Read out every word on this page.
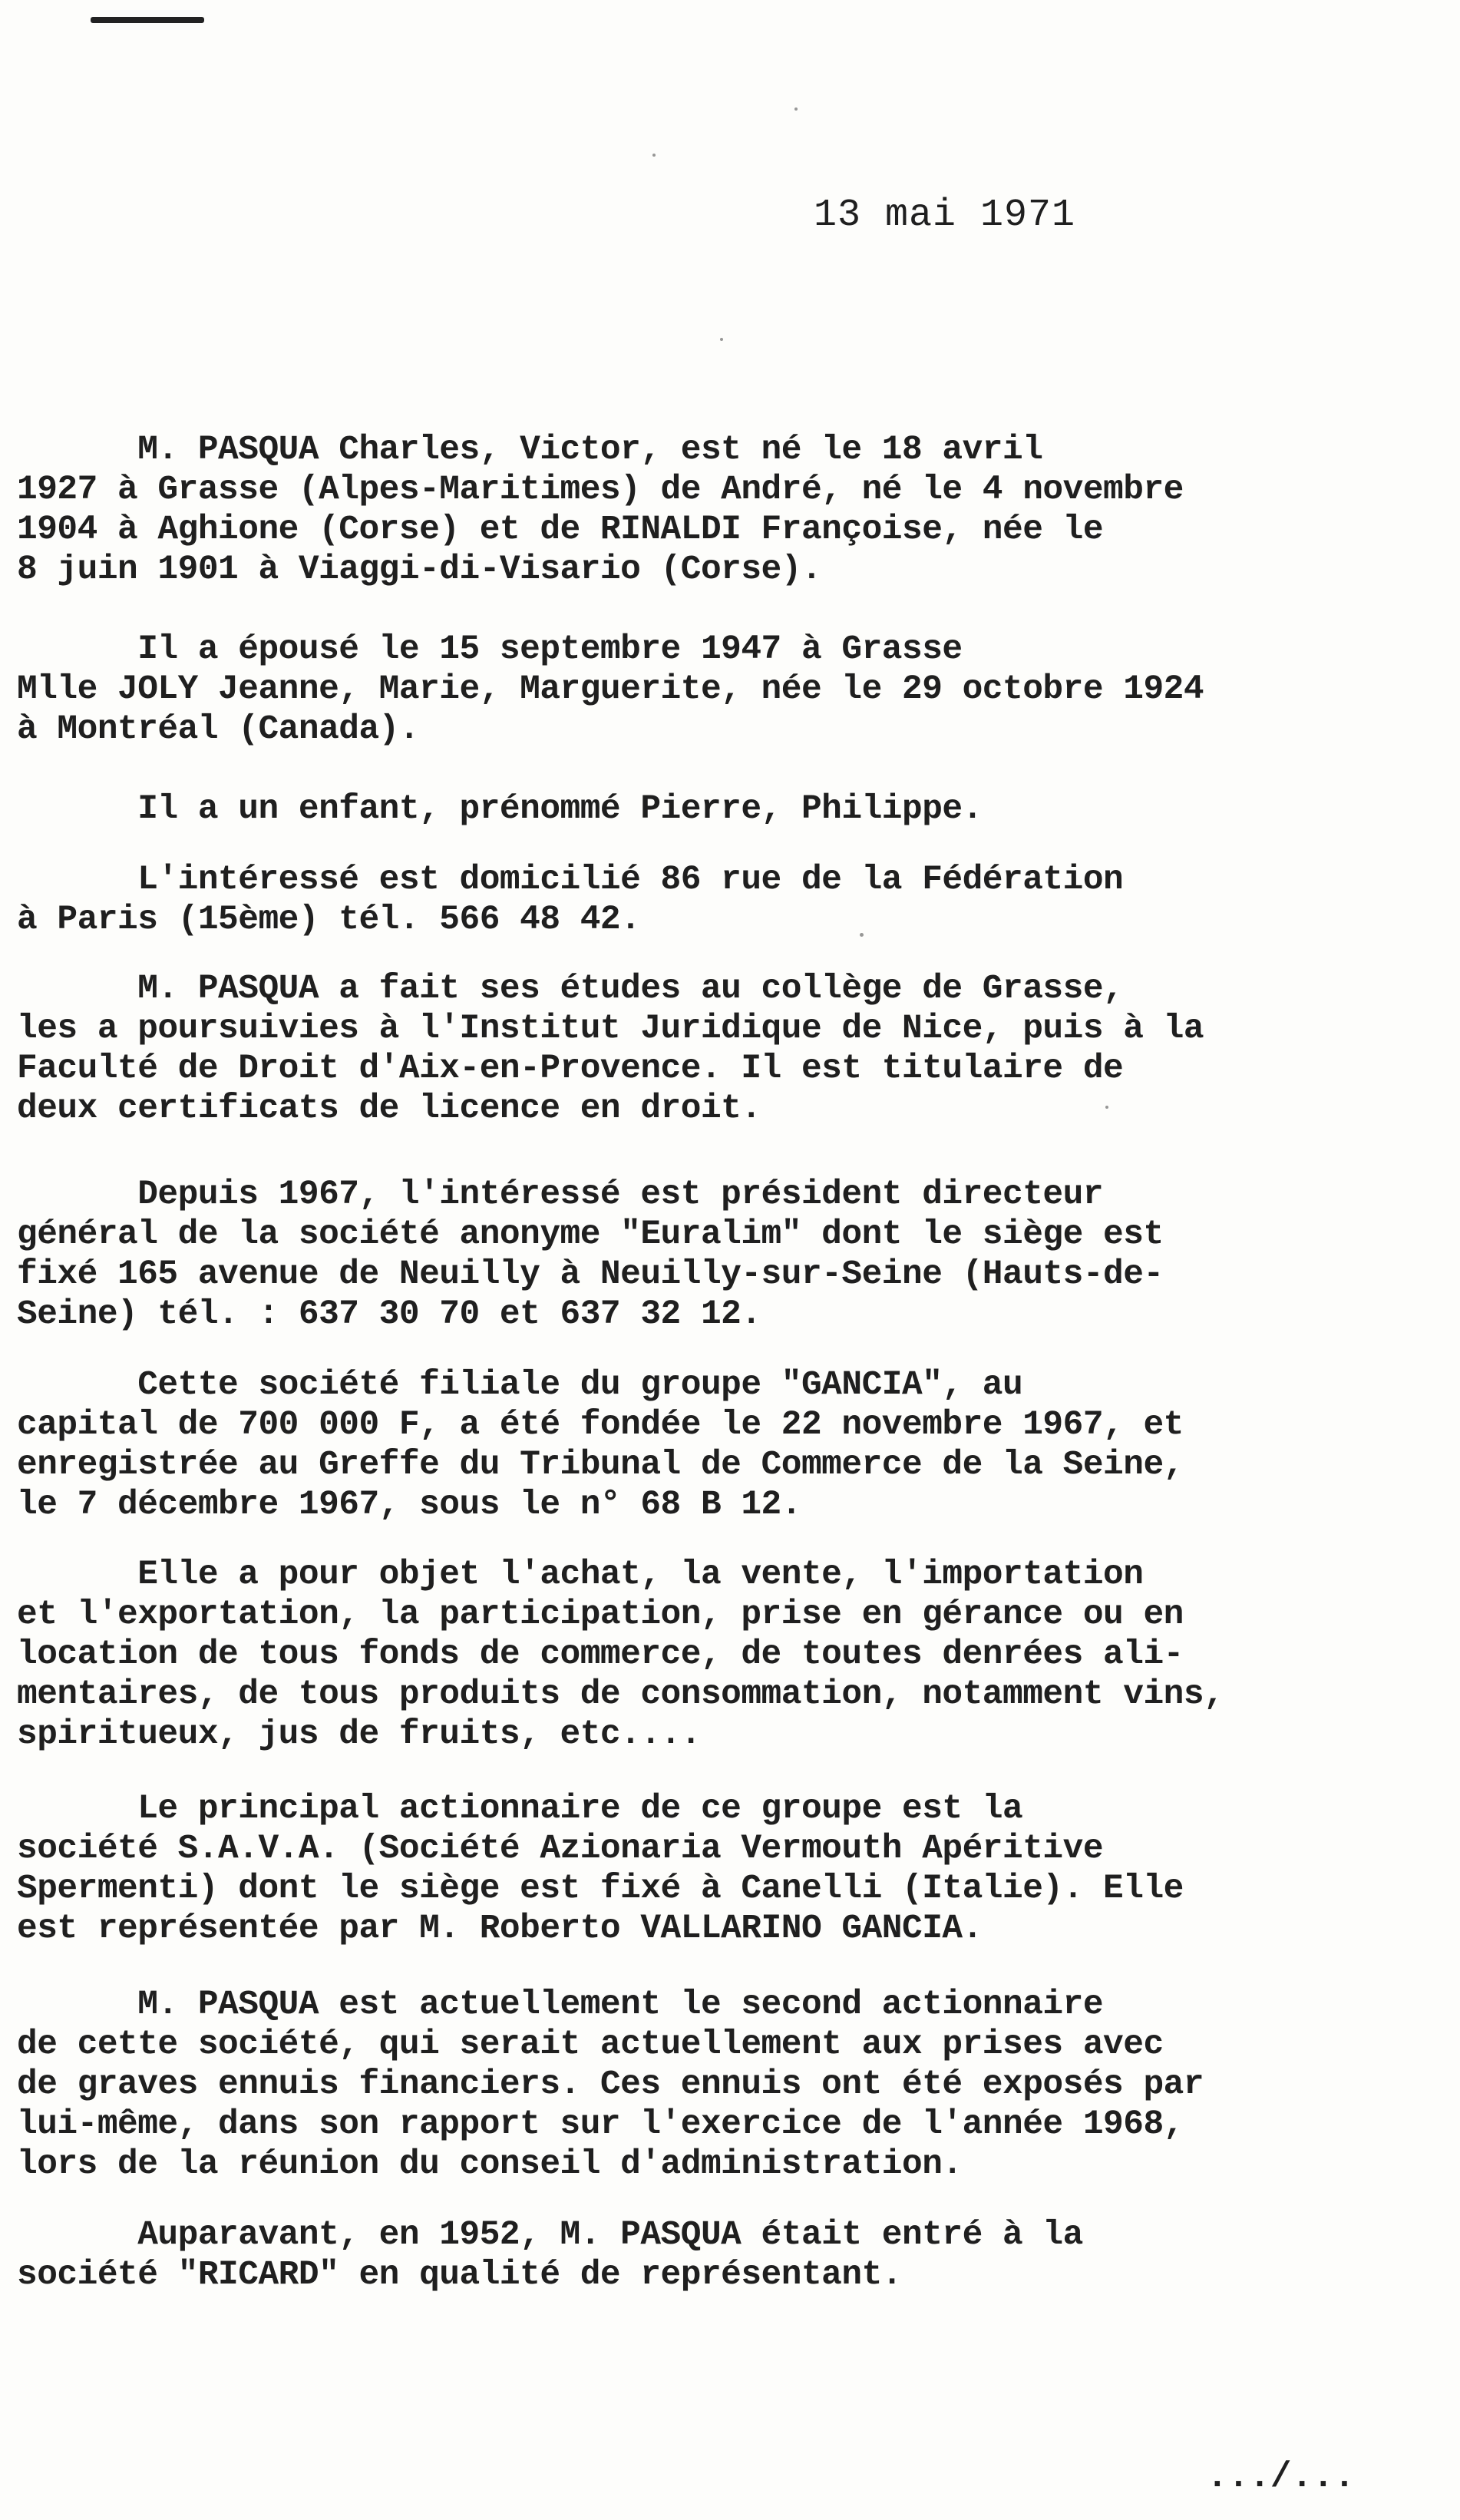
13 mai 1971
M. PASQUA Charles, Victor, est né le 18 avril
1927 à Grasse (Alpes-Maritimes) de André, né le 4 novembre
1904 à Aghione (Corse) et de RINALDI Françoise, née le
8 juin 1901 à Viaggi-di-Visario (Corse).
Il a épousé le 15 septembre 1947 à Grasse
Mlle JOLY Jeanne, Marie, Marguerite, née le 29 octobre 1924
à Montréal (Canada).
Il a un enfant, prénommé Pierre, Philippe.
L'intéressé est domicilié 86 rue de la Fédération
à Paris (15ème) tél. 566 48 42.
M. PASQUA a fait ses études au collège de Grasse,
les a poursuivies à l'Institut Juridique de Nice, puis à la
Faculté de Droit d'Aix-en-Provence. Il est titulaire de
deux certificats de licence en droit.
Depuis 1967, l'intéressé est président directeur
général de la société anonyme "Euralim" dont le siège est
fixé 165 avenue de Neuilly à Neuilly-sur-Seine (Hauts-de-
Seine) tél. : 637 30 70 et 637 32 12.
Cette société filiale du groupe "GANCIA", au
capital de 700 000 F, a été fondée le 22 novembre 1967, et
enregistrée au Greffe du Tribunal de Commerce de la Seine,
le 7 décembre 1967, sous le n° 68 B 12.
Elle a pour objet l'achat, la vente, l'importation
et l'exportation, la participation, prise en gérance ou en
location de tous fonds de commerce, de toutes denrées ali-
mentaires, de tous produits de consommation, notamment vins,
spiritueux, jus de fruits, etc....
Le principal actionnaire de ce groupe est la
société S.A.V.A. (Société Azionaria Vermouth Apéritive
Spermenti) dont le siège est fixé à Canelli (Italie). Elle
est représentée par M. Roberto VALLARINO GANCIA.
M. PASQUA est actuellement le second actionnaire
de cette société, qui serait actuellement aux prises avec
de graves ennuis financiers. Ces ennuis ont été exposés par
lui-même, dans son rapport sur l'exercice de l'année 1968,
lors de la réunion du conseil d'administration.
Auparavant, en 1952, M. PASQUA était entré à la
société "RICARD" en qualité de représentant.
.../...
